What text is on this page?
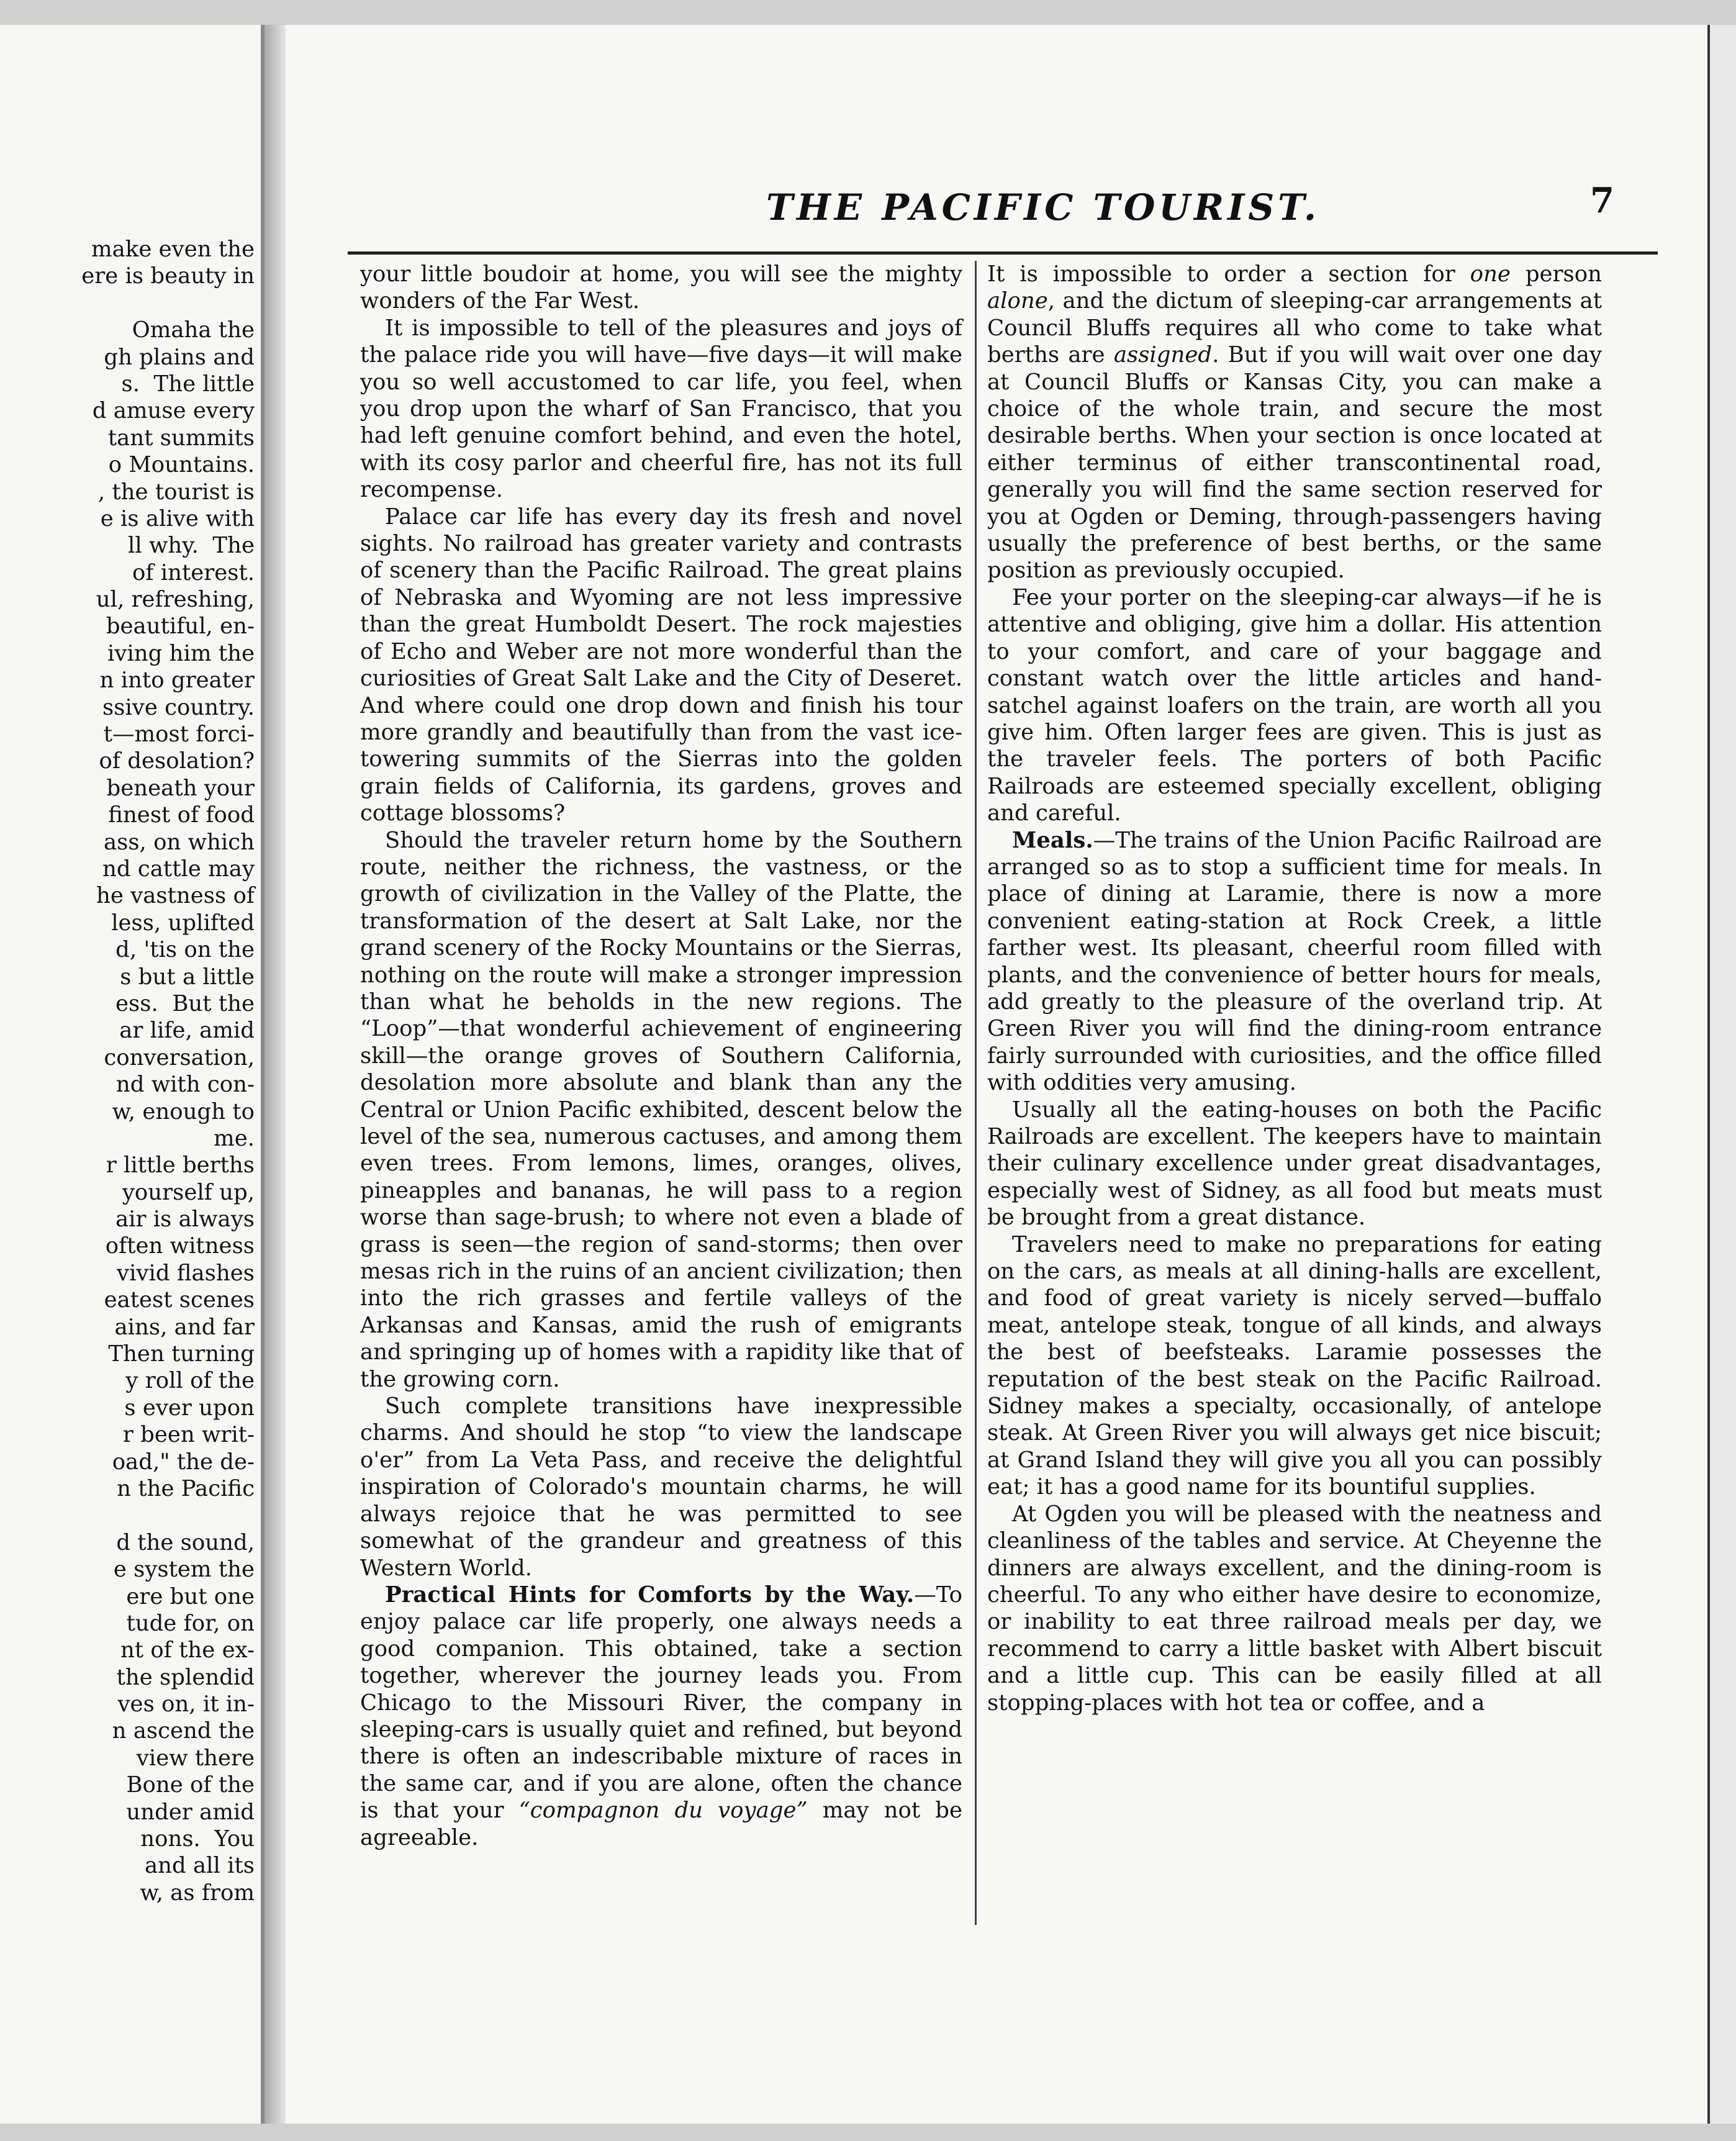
make even the
ere is beauty in
Omaha the
gh plains and
s.  The little
d amuse every
tant summits
o Mountains.
, the tourist is
e is alive with
ll why.  The
of interest.
ul, refreshing,
beautiful, en-
iving him the
n into greater
ssive country.
t—most forci-
of desolation?
beneath your
finest of food
ass, on which
nd cattle may
he vastness of
less, uplifted
d, 'tis on the
s but a little
ess.  But the
ar life, amid
conversation,
nd with con-
w, enough to
me.
r little berths
yourself up,
air is always
often witness
vivid flashes
eatest scenes
ains, and far
Then turning
y roll of the
s ever upon
r been writ-
oad," the de-
n the Pacific
d the sound,
e system the
ere but one
tude for, on
nt of the ex-
the splendid
ves on, it in-
n ascend the
view there
Bone of the
under amid
nons.  You
and all its
w, as from
THE PACIFIC TOURIST.	7

your little boudoir at home, you will see the mighty wonders of the Far West.

It is impossible to tell of the pleasures and joys of the palace ride you will have—five days—it will make you so well accustomed to car life, you feel, when you drop upon the wharf of San Francisco, that you had left genuine comfort behind, and even the hotel, with its cosy parlor and cheerful fire, has not its full recompense.

Palace car life has every day its fresh and novel sights. No railroad has greater variety and contrasts of scenery than the Pacific Railroad. The great plains of Nebraska and Wyoming are not less impressive than the great Humboldt Desert. The rock majesties of Echo and Weber are not more wonderful than the curiosities of Great Salt Lake and the City of Deseret. And where could one drop down and finish his tour more grandly and beautifully than from the vast ice-towering summits of the Sierras into the golden grain fields of California, its gardens, groves and cottage blossoms?

Should the traveler return home by the Southern route, neither the richness, the vastness, or the growth of civilization in the Valley of the Platte, the transformation of the desert at Salt Lake, nor the grand scenery of the Rocky Mountains or the Sierras, nothing on the route will make a stronger impression than what he beholds in the new regions. The “Loop”—that wonderful achievement of engineering skill—the orange groves of Southern California, desolation more absolute and blank than any the Central or Union Pacific exhibited, descent below the level of the sea, numerous cactuses, and among them even trees. From lemons, limes, oranges, olives, pineapples and bananas, he will pass to a region worse than sage-brush; to where not even a blade of grass is seen—the region of sand-storms; then over mesas rich in the ruins of an ancient civilization; then into the rich grasses and fertile valleys of the Arkansas and Kansas, amid the rush of emigrants and springing up of homes with a rapidity like that of the growing corn.

Such complete transitions have inexpressible charms. And should he stop “to view the landscape o'er” from La Veta Pass, and receive the delightful inspiration of Colorado's mountain charms, he will always rejoice that he was permitted to see somewhat of the grandeur and greatness of this Western World.

Practical Hints for Comforts by the Way.—To enjoy palace car life properly, one always needs a good companion. This obtained, take a section together, wherever the journey leads you. From Chicago to the Missouri River, the company in sleeping-cars is usually quiet and refined, but beyond there is often an indescribable mixture of races in the same car, and if you are alone, often the chance is that your “compagnon du voyage” may not be agreeable.

It is impossible to order a section for one person alone, and the dictum of sleeping-car arrangements at Council Bluffs requires all who come to take what berths are assigned. But if you will wait over one day at Council Bluffs or Kansas City, you can make a choice of the whole train, and secure the most desirable berths. When your section is once located at either terminus of either transcontinental road, generally you will find the same section reserved for you at Ogden or Deming, through-passengers having usually the preference of best berths, or the same position as previously occupied.

Fee your porter on the sleeping-car always—if he is attentive and obliging, give him a dollar. His attention to your comfort, and care of your baggage and constant watch over the little articles and hand-satchel against loafers on the train, are worth all you give him. Often larger fees are given. This is just as the traveler feels. The porters of both Pacific Railroads are esteemed specially excellent, obliging and careful.

Meals.—The trains of the Union Pacific Railroad are arranged so as to stop a sufficient time for meals. In place of dining at Laramie, there is now a more convenient eating-station at Rock Creek, a little farther west. Its pleasant, cheerful room filled with plants, and the convenience of better hours for meals, add greatly to the pleasure of the overland trip. At Green River you will find the dining-room entrance fairly surrounded with curiosities, and the office filled with oddities very amusing.

Usually all the eating-houses on both the Pacific Railroads are excellent. The keepers have to maintain their culinary excellence under great disadvantages, especially west of Sidney, as all food but meats must be brought from a great distance.

Travelers need to make no preparations for eating on the cars, as meals at all dining-halls are excellent, and food of great variety is nicely served—buffalo meat, antelope steak, tongue of all kinds, and always the best of beefsteaks. Laramie possesses the reputation of the best steak on the Pacific Railroad. Sidney makes a specialty, occasionally, of antelope steak. At Green River you will always get nice biscuit; at Grand Island they will give you all you can possibly eat; it has a good name for its bountiful supplies.

At Ogden you will be pleased with the neatness and cleanliness of the tables and service. At Cheyenne the dinners are always excellent, and the dining-room is cheerful. To any who either have desire to economize, or inability to eat three railroad meals per day, we recommend to carry a little basket with Albert biscuit and a little cup. This can be easily filled at all stopping-places with hot tea or coffee, and a
